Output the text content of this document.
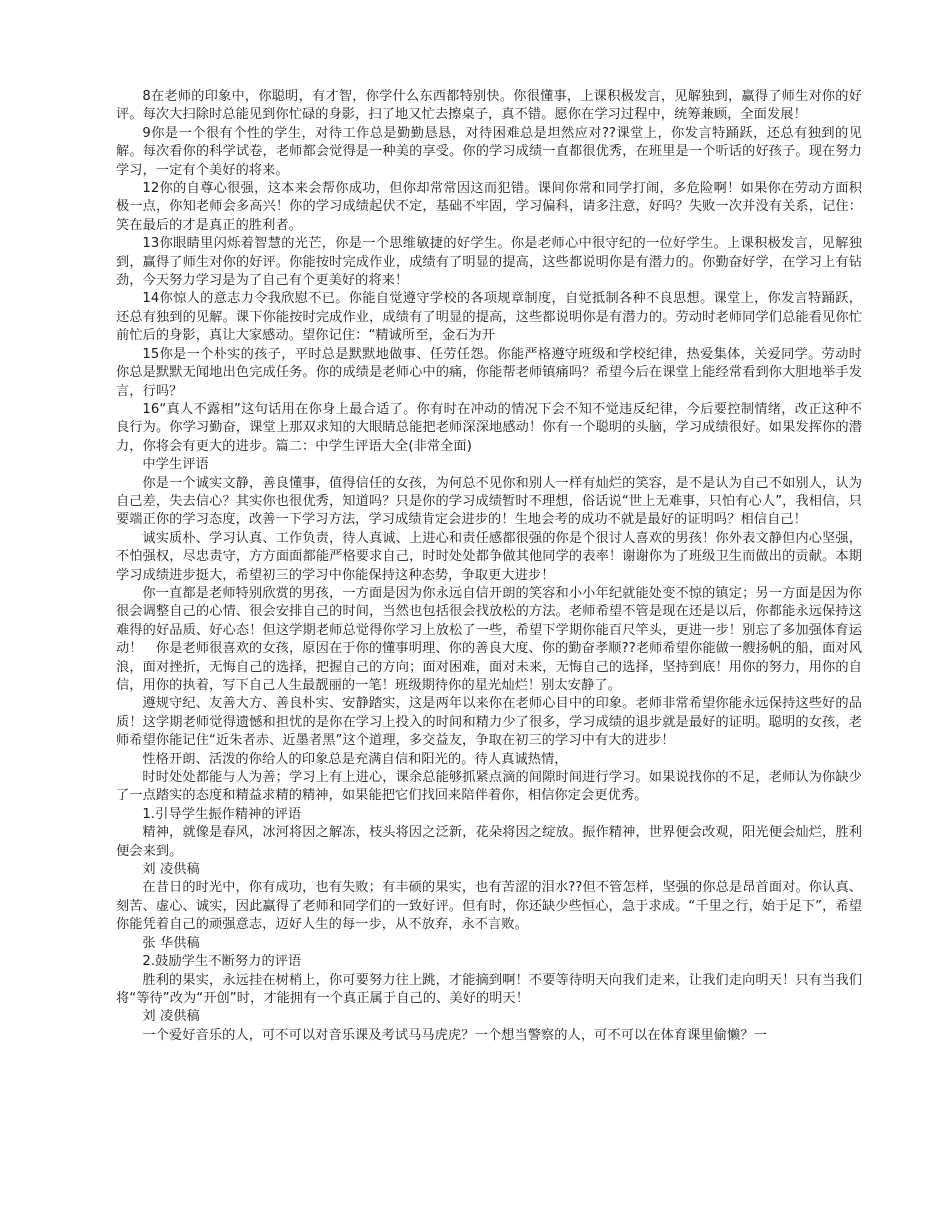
8在老师的印象中，你聪明，有才智，你学什么东西都特别快。你很懂事，上课积极发言，见解独到，赢得了师生对你的好评。每次大扫除时总能见到你忙碌的身影，扫了地又忙去擦桌子，真不错。愿你在学习过程中，统筹兼顾，全面发展！

9你是一个很有个性的学生，对待工作总是勤勤恳恳，对待困难总是坦然应对??课堂上，你发言特踊跃，还总有独到的见解。每次看你的科学试卷，老师都会觉得是一种美的享受。你的学习成绩一直都很优秀，在班里是一个听话的好孩子。现在努力学习，一定有个美好的将来。

12你的自尊心很强，这本来会帮你成功，但你却常常因这而犯错。课间你常和同学打闹，多危险啊！如果你在劳动方面积极一点，你知老师会多高兴！你的学习成绩起伏不定，基础不牢固，学习偏科，请多注意，好吗？失败一次并没有关系，记住：笑在最后的才是真正的胜利者。

13你眼睛里闪烁着智慧的光芒，你是一个思维敏捷的好学生。你是老师心中很守纪的一位好学生。上课积极发言，见解独到，赢得了师生对你的好评。你能按时完成作业，成绩有了明显的提高，这些都说明你是有潜力的。你勤奋好学，在学习上有钻劲，今天努力学习是为了自己有个更美好的将来！

14你惊人的意志力令我欣慰不已。你能自觉遵守学校的各项规章制度，自觉抵制各种不良思想。课堂上，你发言特踊跃，还总有独到的见解。课下你能按时完成作业，成绩有了明显的提高，这些都说明你是有潜力的。劳动时老师同学们总能看见你忙前忙后的身影，真让大家感动。望你记住：“精诚所至，金石为开

15你是一个朴实的孩子，平时总是默默地做事、任劳任怨。你能严格遵守班级和学校纪律，热爱集体，关爱同学。劳动时你总是默默无闻地出色完成任务。你的成绩是老师心中的痛，你能帮老师镇痛吗？希望今后在课堂上能经常看到你大胆地举手发言，行吗？

16“真人不露相”这句话用在你身上最合适了。你有时在冲动的情况下会不知不觉违反纪律，今后要控制情绪，改正这种不良行为。你学习勤奋，课堂上那双求知的大眼睛总能把老师深深地感动！你有一个聪明的头脑，学习成绩很好。如果发挥你的潜力，你将会有更大的进步。篇二：中学生评语大全(非常全面)

中学生评语

你是一个诚实文静，善良懂事，值得信任的女孩，为何总不见你和别人一样有灿烂的笑容，是不是认为自己不如别人，认为自己差，失去信心？其实你也很优秀，知道吗？只是你的学习成绩暂时不理想，俗话说“世上无难事，只怕有心人”，我相信，只要端正你的学习态度，改善一下学习方法，学习成绩肯定会进步的！生地会考的成功不就是最好的证明吗？相信自己！

诚实质朴、学习认真、工作负责，待人真诚、上进心和责任感都很强的你是个很讨人喜欢的男孩！你外表文静但内心坚强，不怕强权，尽忠责守，方方面面都能严格要求自己，时时处处都争做其他同学的表率！谢谢你为了班级卫生而做出的贡献。本期学习成绩进步挺大，希望初三的学习中你能保持这种态势，争取更大进步！

你一直都是老师特别欣赏的男孩，一方面是因为你永远自信开朗的笑容和小小年纪就能处变不惊的镇定；另一方面是因为你很会调整自己的心情、很会安排自己的时间，当然也包括很会找放松的方法。老师希望不管是现在还是以后，你都能永远保持这难得的好品质、好心态！但这学期老师总觉得你学习上放松了一些，希望下学期你能百尺竿头，更进一步！别忘了多加强体育运动！　你是老师很喜欢的女孩，原因在于你的懂事明理、你的善良大度、你的勤奋孝顺??老师希望你能做一艘扬帆的船，面对风浪，面对挫折，无悔自己的选择，把握自己的方向；面对困难，面对未来，无悔自己的选择，坚持到底！用你的努力，用你的自信，用你的执着，写下自己人生最靓丽的一笔！班级期待你的星光灿烂！别太安静了。

遵规守纪、友善大方、善良朴实、安静踏实，这是两年以来你在老师心目中的印象。老师非常希望你能永远保持这些好的品质！这学期老师觉得遗憾和担忧的是你在学习上投入的时间和精力少了很多，学习成绩的退步就是最好的证明。聪明的女孩，老师希望你能记住“近朱者赤、近墨者黑”这个道理，多交益友，争取在初三的学习中有大的进步！

性格开朗、活泼的你给人的印象总是充满自信和阳光的。待人真诚热情，

时时处处都能与人为善；学习上有上进心，课余总能够抓紧点滴的间隙时间进行学习。如果说找你的不足，老师认为你缺少了一点踏实的态度和精益求精的精神，如果能把它们找回来陪伴着你，相信你定会更优秀。

1.引导学生振作精神的评语

精神，就像是春风，冰河将因之解冻，枝头将因之泛新，花朵将因之绽放。振作精神，世界便会改观，阳光便会灿烂，胜利便会来到。

刘 凌供稿

在昔日的时光中，你有成功，也有失败；有丰硕的果实，也有苦涩的泪水??但不管怎样，坚强的你总是昂首面对。你认真、刻苦、虚心、诚实，因此赢得了老师和同学们的一致好评。但有时，你还缺少些恒心，急于求成。“千里之行，始于足下”，希望你能凭着自己的顽强意志，迈好人生的每一步，从不放弃，永不言败。

张 华供稿

2.鼓励学生不断努力的评语

胜利的果实，永远挂在树梢上，你可要努力往上跳，才能摘到啊！不要等待明天向我们走来，让我们走向明天！只有当我们将“等待”改为“开创”时，才能拥有一个真正属于自己的、美好的明天！

刘 凌供稿

一个爱好音乐的人，可不可以对音乐课及考试马马虎虎？一个想当警察的人，可不可以在体育课里偷懒？一
